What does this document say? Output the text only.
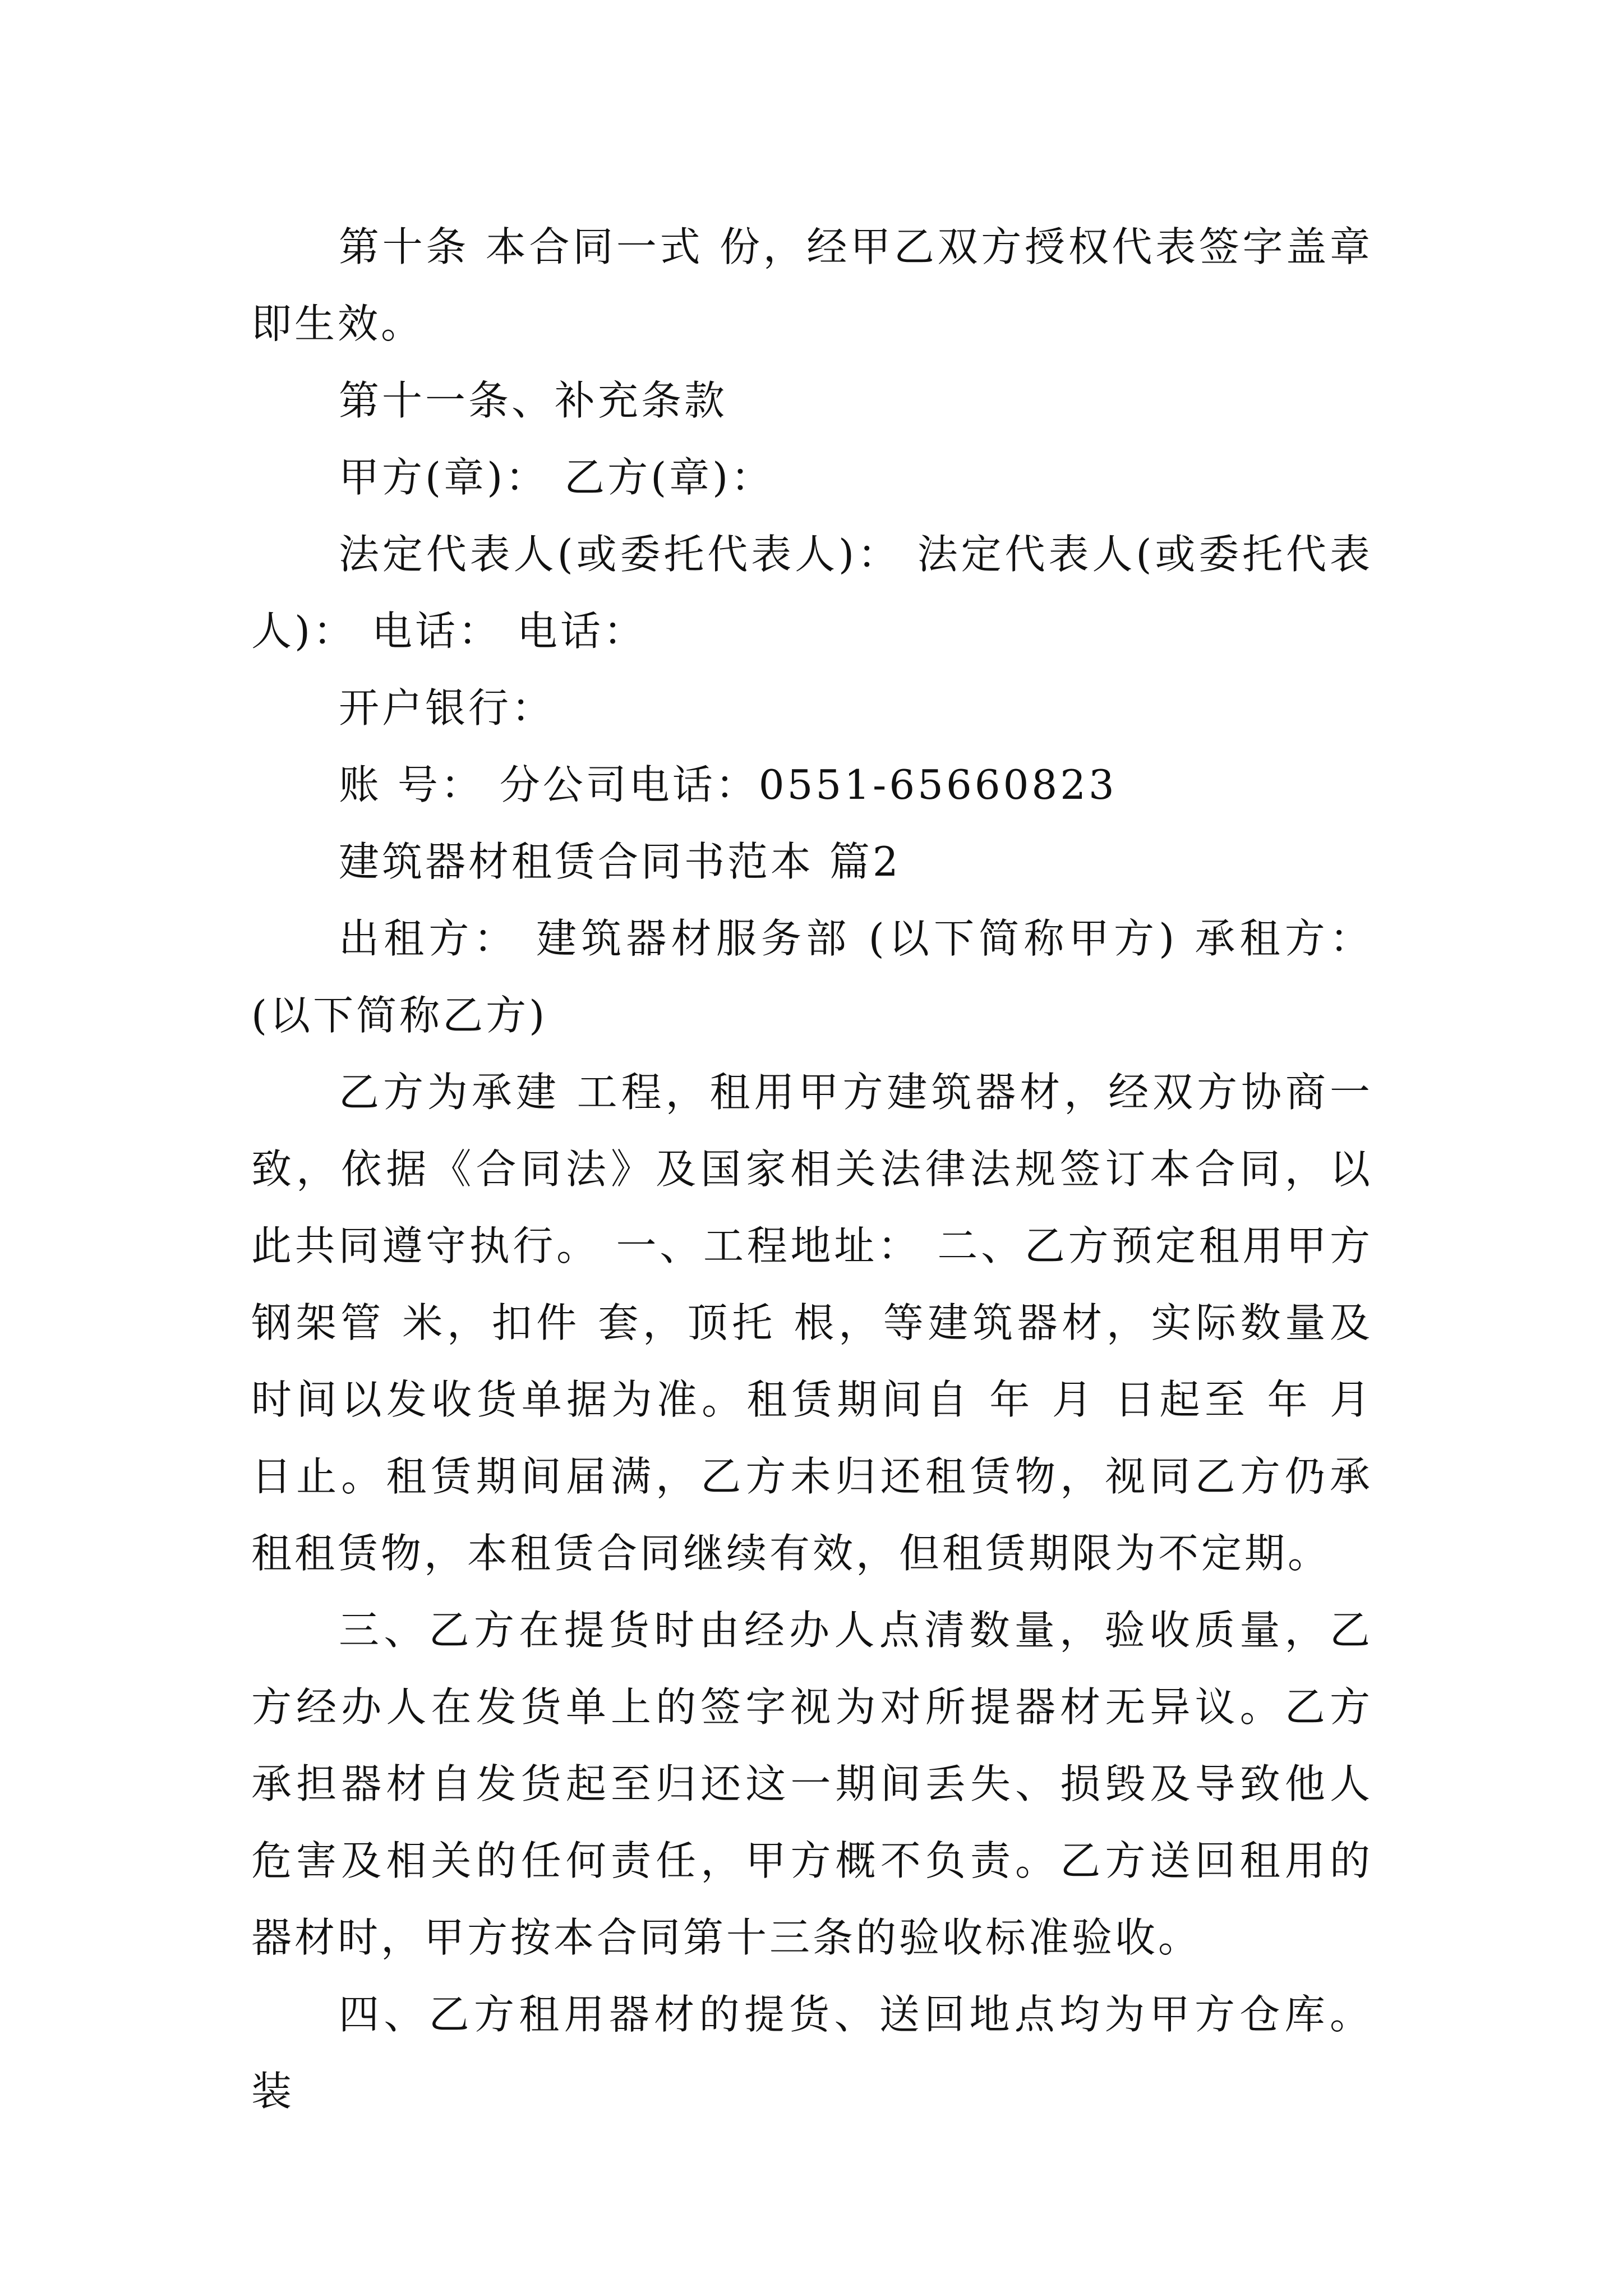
第十条 本合同一式 份，经甲乙双方授权代表签字盖章即生效。

第十一条、补充条款

甲方(章)： 乙方(章)：

法定代表人(或委托代表人)： 法定代表人(或委托代表人)： 电话： 电话：

开户银行：

账 号： 分公司电话：0551-65660823

建筑器材租赁合同书范本 篇2

出租方： 建筑器材服务部 (以下简称甲方) 承租方： (以下简称乙方)

乙方为承建 工程，租用甲方建筑器材，经双方协商一致，依据《合同法》及国家相关法律法规签订本合同，以此共同遵守执行。 一、工程地址： 二、乙方预定租用甲方钢架管 米，扣件 套，顶托 根，等建筑器材，实际数量及时间以发收货单据为准。租赁期间自 年 月 日起至 年 月 日止。租赁期间届满，乙方未归还租赁物，视同乙方仍承租租赁物，本租赁合同继续有效，但租赁期限为不定期。

三、乙方在提货时由经办人点清数量，验收质量，乙方经办人在发货单上的签字视为对所提器材无异议。乙方承担器材自发货起至归还这一期间丢失、损毁及导致他人危害及相关的任何责任，甲方概不负责。乙方送回租用的器材时，甲方按本合同第十三条的验收标准验收。

四、乙方租用器材的提货、送回地点均为甲方仓库。装
